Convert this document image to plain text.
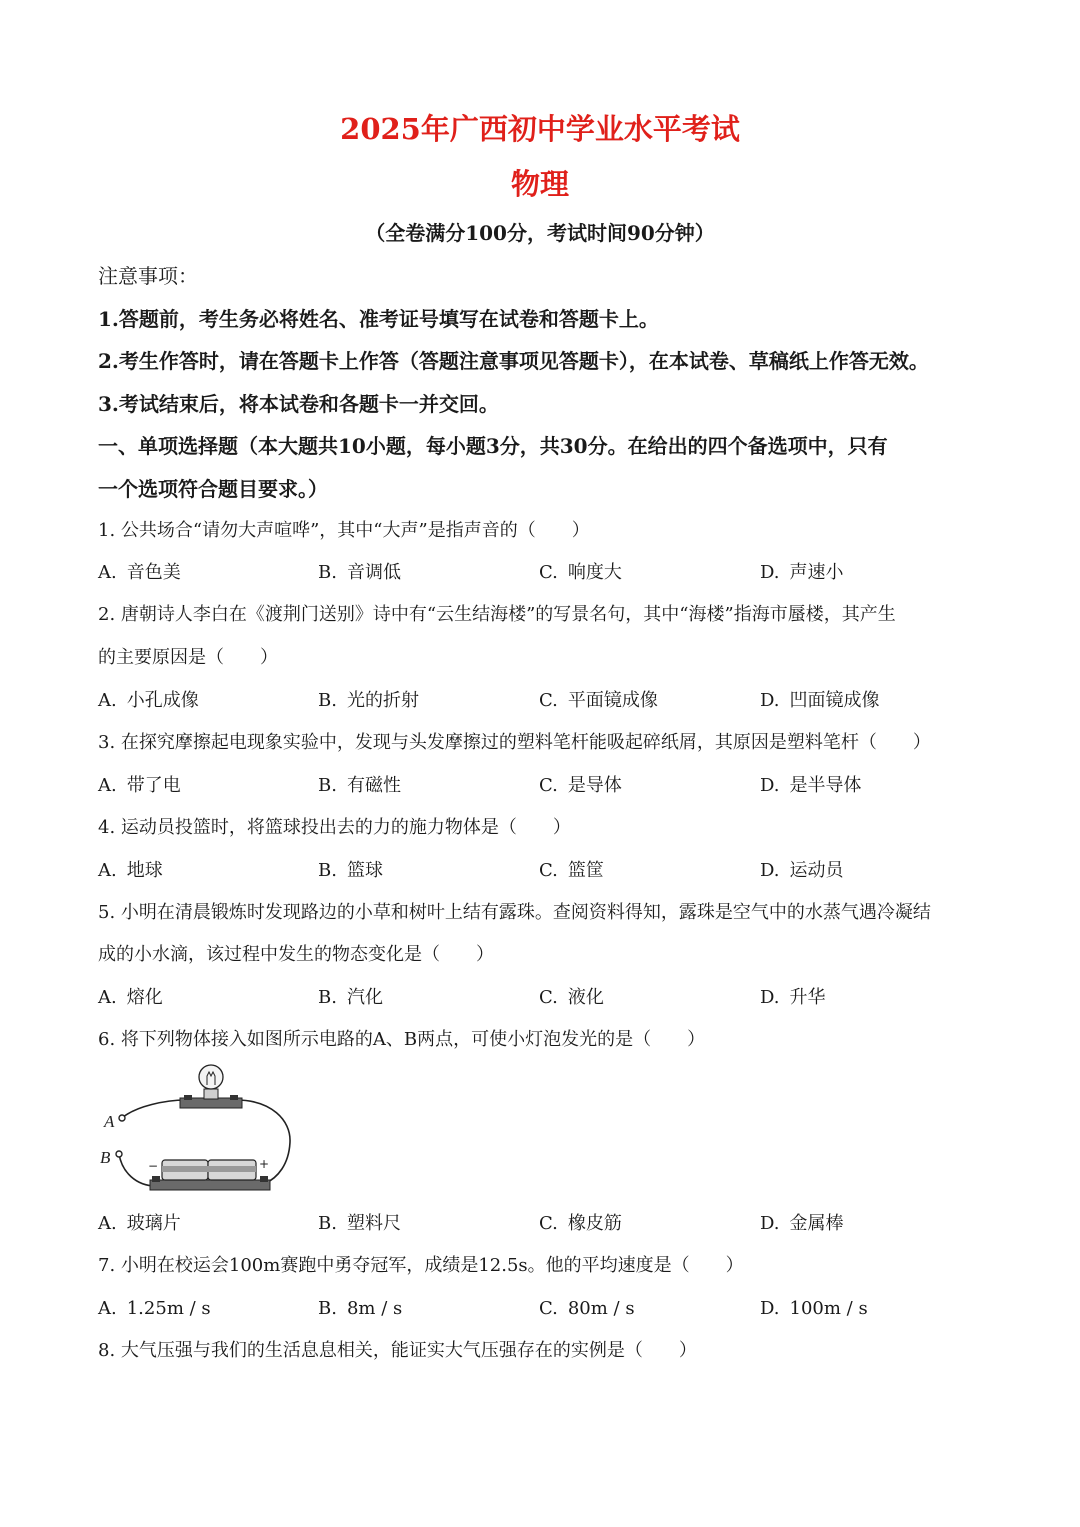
2025年广西初中学业水平考试
物理
（全卷满分100分，考试时间90分钟）
注意事项：
1.答题前，考生务必将姓名、准考证号填写在试卷和答题卡上。
2.考生作答时，请在答题卡上作答（答题注意事项见答题卡），在本试卷、草稿纸上作答无效。
3.考试结束后，将本试卷和各题卡一并交回。
一、单项选择题（本大题共10小题，每小题3分，共30分。在给出的四个备选项中，只有
一个选项符合题目要求。）
1. 公共场合“请勿大声喧哗”，其中“大声”是指声音的（　　）
A. 音色美	B. 音调低	C. 响度大	D. 声速小
2. 唐朝诗人李白在《渡荆门送别》诗中有“云生结海楼”的写景名句，其中“海楼”指海市蜃楼，其产生
的主要原因是（　　）
A. 小孔成像	B. 光的折射	C. 平面镜成像	D. 凹面镜成像
3. 在探究摩擦起电现象实验中，发现与头发摩擦过的塑料笔杆能吸起碎纸屑，其原因是塑料笔杆（　　）
A. 带了电	B. 有磁性	C. 是导体	D. 是半导体
4. 运动员投篮时，将篮球投出去的力的施力物体是（　　）
A. 地球	B. 篮球	C. 篮筐	D. 运动员
5. 小明在清晨锻炼时发现路边的小草和树叶上结有露珠。查阅资料得知，露珠是空气中的水蒸气遇冷凝结
成的小水滴，该过程中发生的物态变化是（　　）
A. 熔化	B. 汽化	C. 液化	D. 升华
6. 将下列物体接入如图所示电路的A、B两点，可使小灯泡发光的是（　　）
A
B	−	+
A. 玻璃片	B. 塑料尺	C. 橡皮筋	D. 金属棒
7. 小明在校运会100m赛跑中勇夺冠军，成绩是12.5s。他的平均速度是（　　）
A. 1.25m / s	B. 8m / s	C. 80m / s	D. 100m / s
8. 大气压强与我们的生活息息相关，能证实大气压强存在的实例是（　　）
